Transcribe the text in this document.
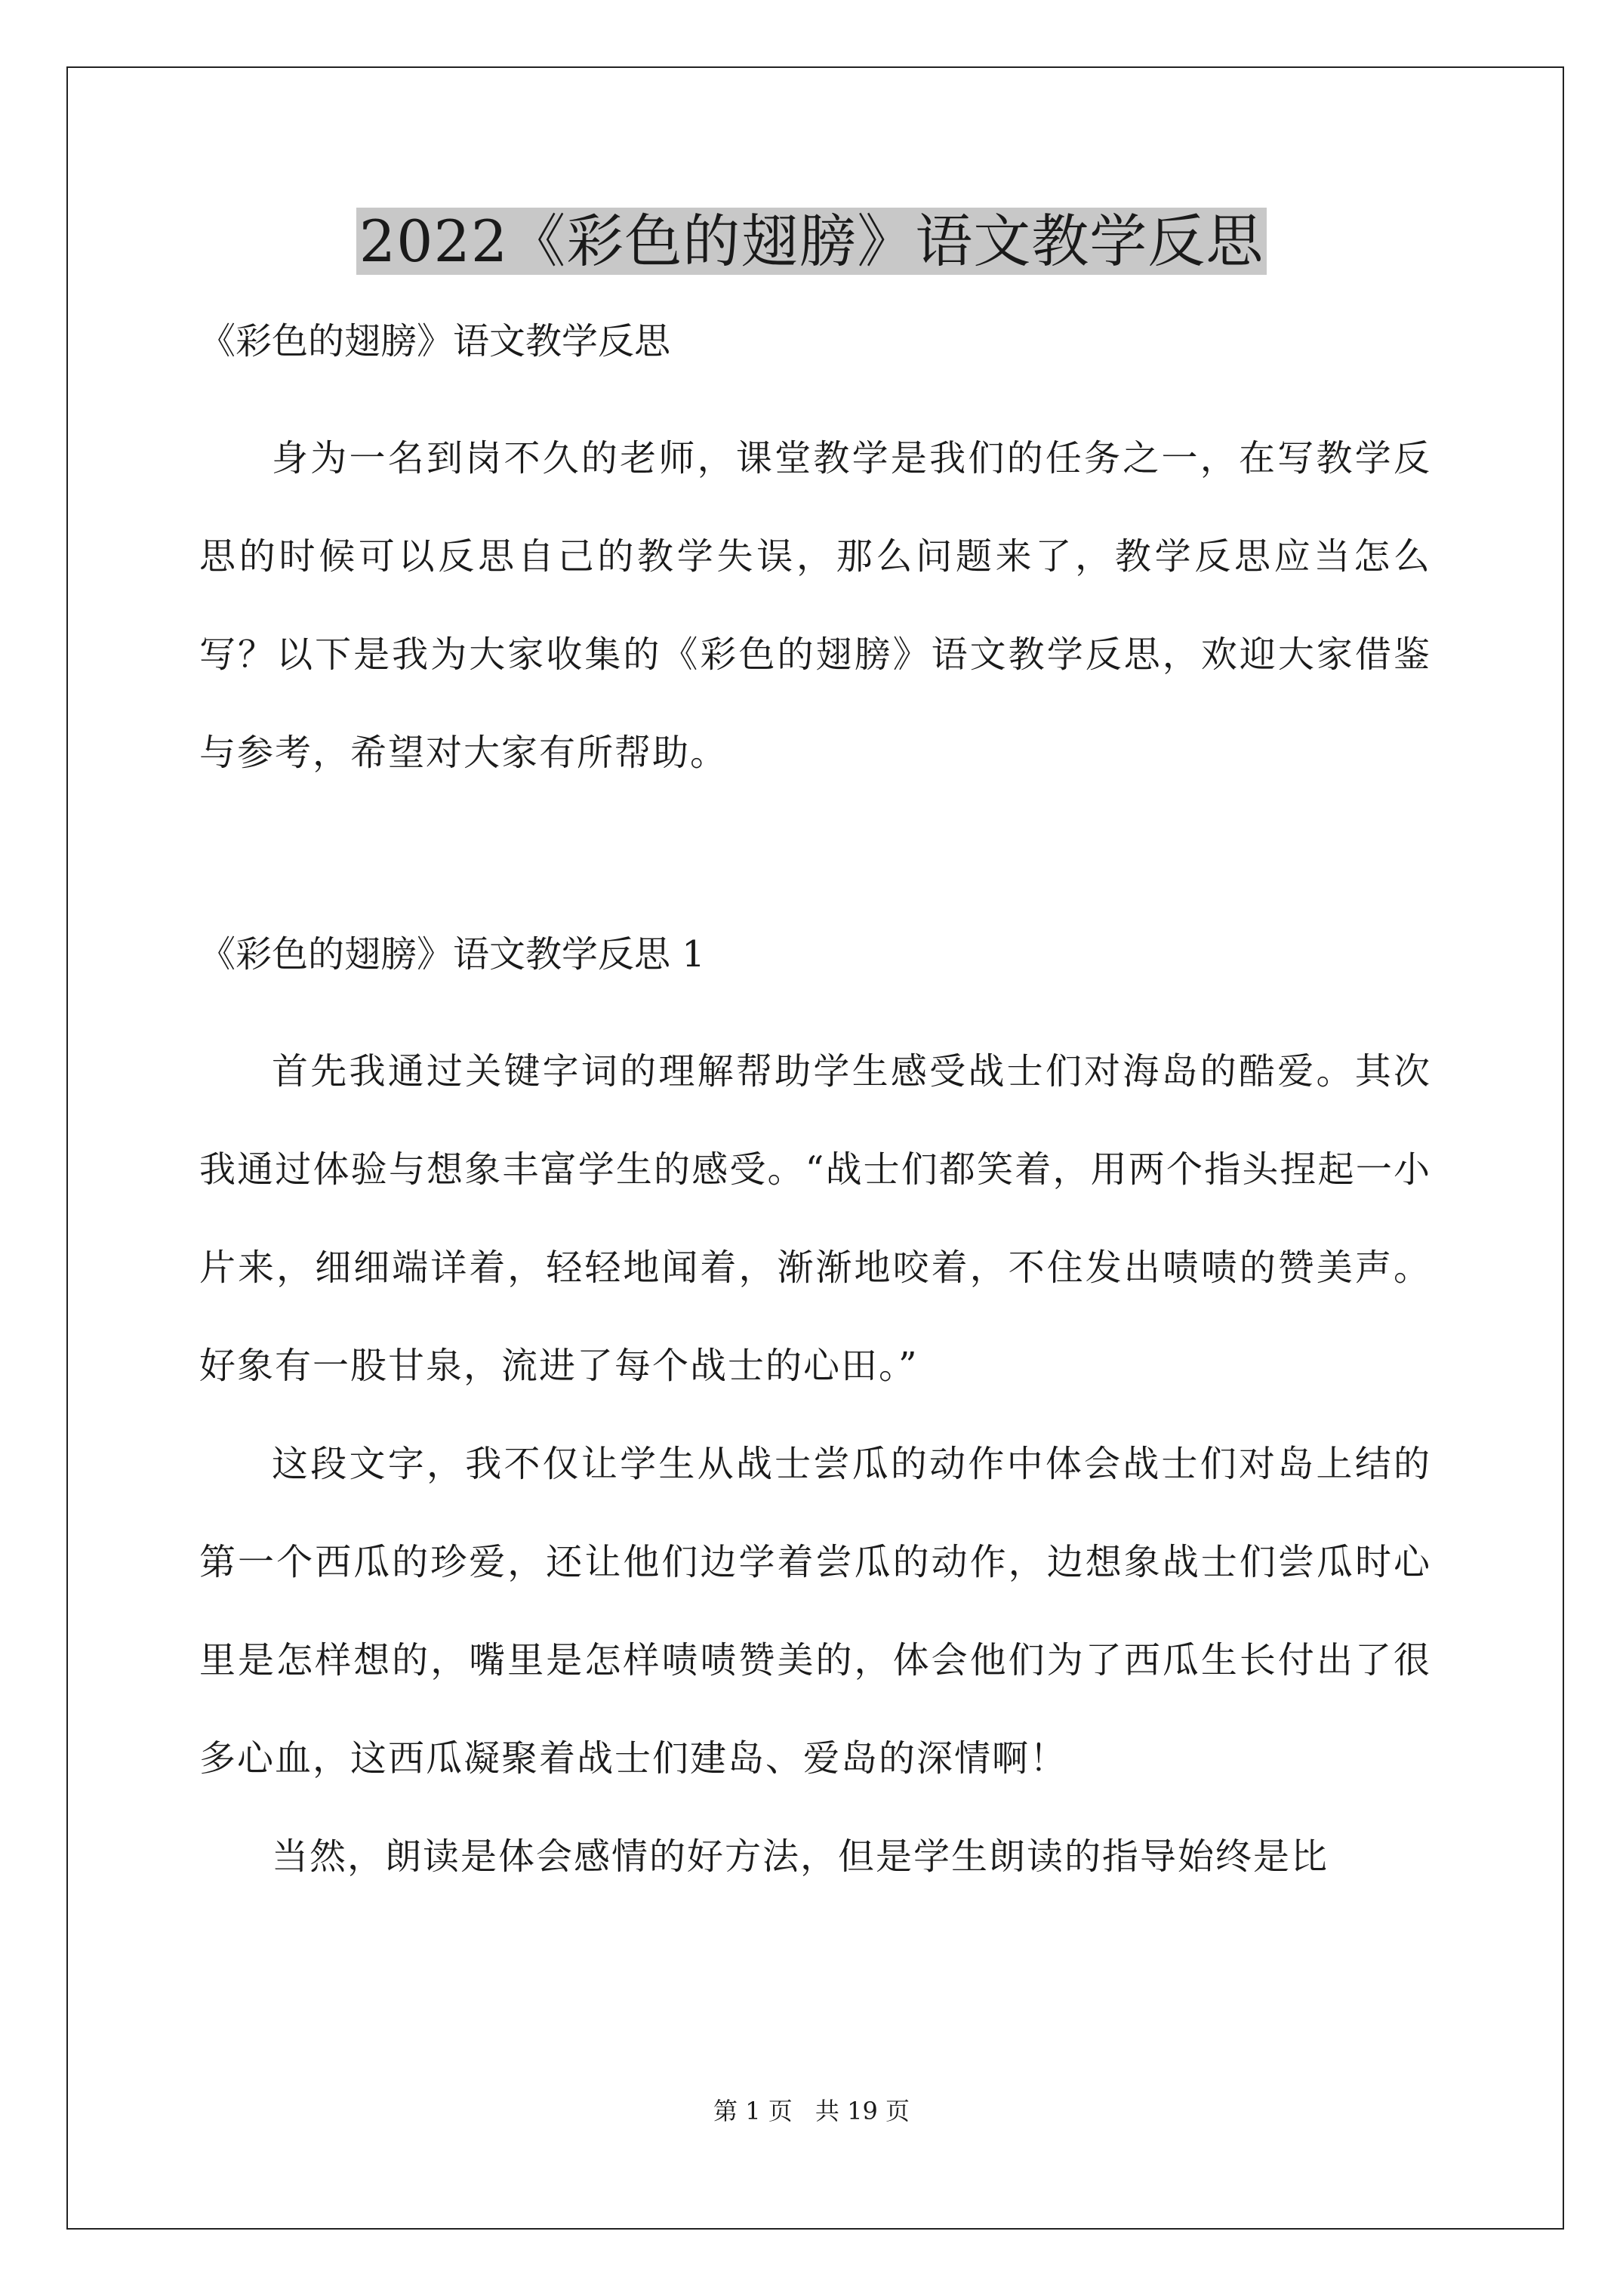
2022《彩色的翅膀》语文教学反思

《彩色的翅膀》语文教学反思

身为一名到岗不久的老师，课堂教学是我们的任务之一，在写教学反思的时候可以反思自己的教学失误，那么问题来了，教学反思应当怎么写？以下是我为大家收集的《彩色的翅膀》语文教学反思，欢迎大家借鉴与参考，希望对大家有所帮助。

《彩色的翅膀》语文教学反思 1

首先我通过关键字词的理解帮助学生感受战士们对海岛的酷爱。其次我通过体验与想象丰富学生的感受。“战士们都笑着，用两个指头捏起一小片来，细细端详着，轻轻地闻着，渐渐地咬着，不住发出啧啧的赞美声。好象有一股甘泉，流进了每个战士的心田。”

这段文字，我不仅让学生从战士尝瓜的动作中体会战士们对岛上结的第一个西瓜的珍爱，还让他们边学着尝瓜的动作，边想象战士们尝瓜时心里是怎样想的，嘴里是怎样啧啧赞美的，体会他们为了西瓜生长付出了很多心血，这西瓜凝聚着战士们建岛、爱岛的深情啊！

当然，朗读是体会感情的好方法，但是学生朗读的指导始终是比

第 1 页 共 19 页
